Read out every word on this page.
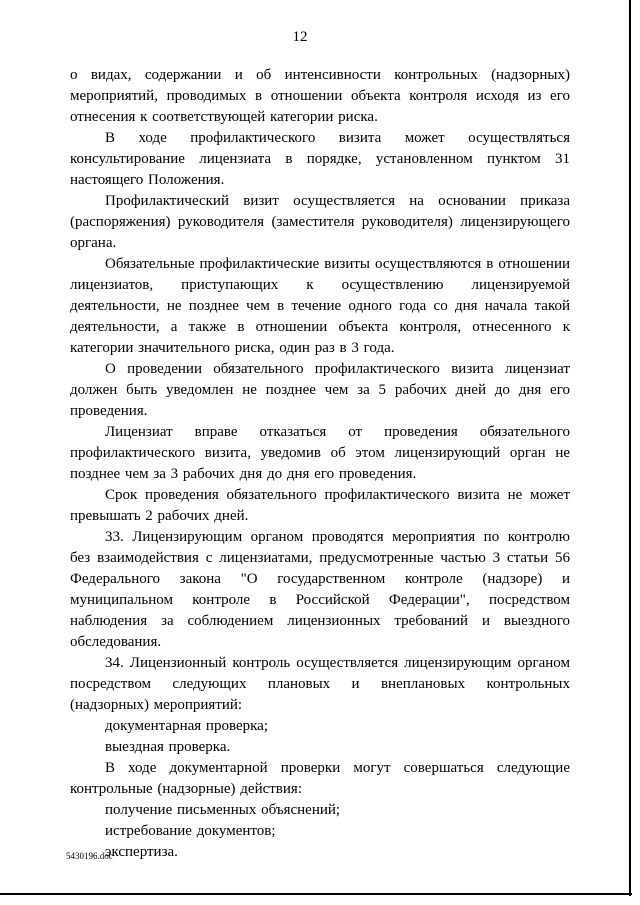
12

о видах, содержании и об интенсивности контрольных (надзорных) мероприятий, проводимых в отношении объекта контроля исходя из его отнесения к соответствующей категории риска.

В ходе профилактического визита может осуществляться консультирование лицензиата в порядке, установленном пунктом 31 настоящего Положения.

Профилактический визит осуществляется на основании приказа (распоряжения) руководителя (заместителя руководителя) лицензирующего органа.

Обязательные профилактические визиты осуществляются в отношении лицензиатов, приступающих к осуществлению лицензируемой деятельности, не позднее чем в течение одного года со дня начала такой деятельности, а также в отношении объекта контроля, отнесенного к категории значительного риска, один раз в 3 года.

О проведении обязательного профилактического визита лицензиат должен быть уведомлен не позднее чем за 5 рабочих дней до дня его проведения.

Лицензиат вправе отказаться от проведения обязательного профилактического визита, уведомив об этом лицензирующий орган не позднее чем за 3 рабочих дня до дня его проведения.

Срок проведения обязательного профилактического визита не может превышать 2 рабочих дней.

33. Лицензирующим органом проводятся мероприятия по контролю без взаимодействия с лицензиатами, предусмотренные частью 3 статьи 56 Федерального закона "О государственном контроле (надзоре) и муниципальном контроле в Российской Федерации", посредством наблюдения за соблюдением лицензионных требований и выездного обследования.

34. Лицензионный контроль осуществляется лицензирующим органом посредством следующих плановых и внеплановых контрольных (надзорных) мероприятий:

документарная проверка;

выездная проверка.

В ходе документарной проверки могут совершаться следующие контрольные (надзорные) действия:

получение письменных объяснений;

истребование документов;

экспертиза.

5430196.doc
